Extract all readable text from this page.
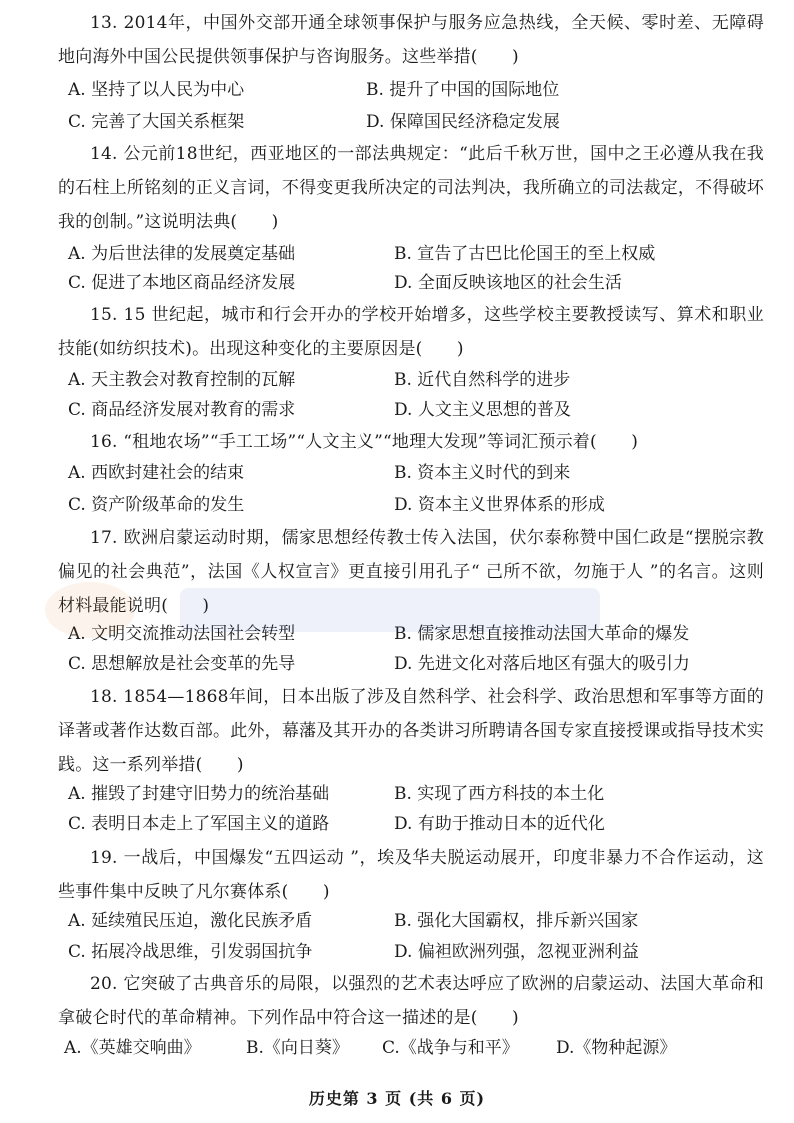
13. 2014年，中国外交部开通全球领事保护与服务应急热线，全天候、零时差、无障碍地向海外中国公民提供领事保护与咨询服务。这些举措(　　)

A. 坚持了以人民为中心	B. 提升了中国的国际地位

C. 完善了大国关系框架	D. 保障国民经济稳定发展

14. 公元前18世纪，西亚地区的一部法典规定：“此后千秋万世，国中之王必遵从我在我的石柱上所铭刻的正义言词，不得变更我所决定的司法判决，我所确立的司法裁定，不得破坏我的创制。”这说明法典(　　)

A. 为后世法律的发展奠定基础	B. 宣告了古巴比伦国王的至上权威

C. 促进了本地区商品经济发展	D. 全面反映该地区的社会生活

15. 15 世纪起，城市和行会开办的学校开始增多，这些学校主要教授读写、算术和职业技能(如纺织技术)。出现这种变化的主要原因是(　　)

A. 天主教会对教育控制的瓦解	B. 近代自然科学的进步

C. 商品经济发展对教育的需求	D. 人文主义思想的普及

16. “租地农场”“手工工场”“人文主义”“地理大发现”等词汇预示着(　　)

A. 西欧封建社会的结束	B. 资本主义时代的到来

C. 资产阶级革命的发生	D. 资本主义世界体系的形成

17. 欧洲启蒙运动时期，儒家思想经传教士传入法国，伏尔泰称赞中国仁政是“摆脱宗教偏见的社会典范”，法国《人权宣言》更直接引用孔子“ 己所不欲，勿施于人 ”的名言。这则材料最能说明(　　)

A. 文明交流推动法国社会转型	B. 儒家思想直接推动法国大革命的爆发

C. 思想解放是社会变革的先导	D. 先进文化对落后地区有强大的吸引力

18. 1854—1868年间，日本出版了涉及自然科学、社会科学、政治思想和军事等方面的译著或著作达数百部。此外，幕藩及其开办的各类讲习所聘请各国专家直接授课或指导技术实践。这一系列举措(　　)

A. 摧毁了封建守旧势力的统治基础	B. 实现了西方科技的本土化

C. 表明日本走上了军国主义的道路	D. 有助于推动日本的近代化

19. 一战后，中国爆发“五四运动 ”，埃及华夫脱运动展开，印度非暴力不合作运动，这些事件集中反映了凡尔赛体系(　　)

A. 延续殖民压迫，激化民族矛盾	B. 强化大国霸权，排斥新兴国家

C. 拓展冷战思维，引发弱国抗争	D. 偏袒欧洲列强，忽视亚洲利益

20. 它突破了古典音乐的局限，以强烈的艺术表达呼应了欧洲的启蒙运动、法国大革命和拿破仑时代的革命精神。下列作品中符合这一描述的是(　　)

A.《英雄交响曲》	B.《向日葵》 C.《战争与和平》 D.《物种起源》

历史第 3 页 (共 6 页)
